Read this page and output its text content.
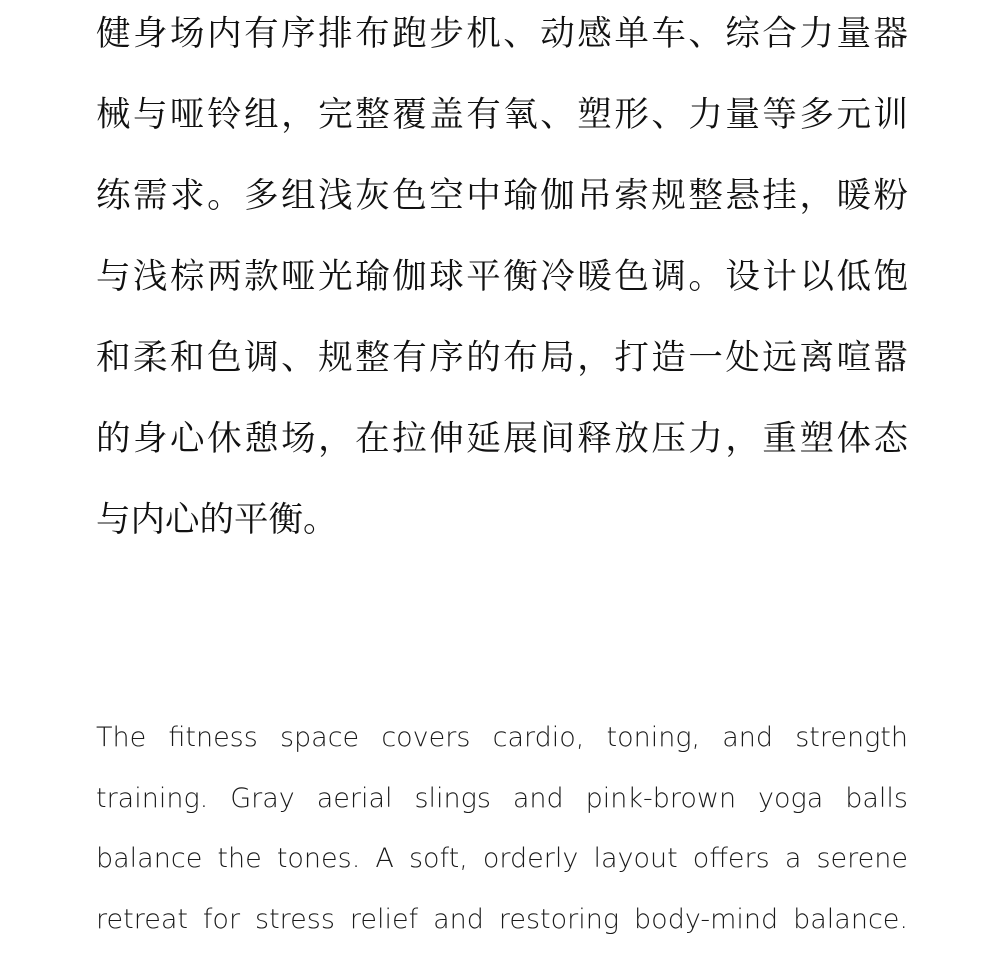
健身场内有序排布跑步机、动感单车、综合力量器
械与哑铃组，完整覆盖有氧、塑形、力量等多元训
练需求。多组浅灰色空中瑜伽吊索规整悬挂，暖粉
与浅棕两款哑光瑜伽球平衡冷暖色调。设计以低饱
和柔和色调、规整有序的布局，打造一处远离喧嚣
的身心休憩场，在拉伸延展间释放压力，重塑体态
与内心的平衡。
The fitness space covers cardio, toning, and strength
training. Gray aerial slings and pink-brown yoga balls
balance the tones. A soft, orderly layout offers a serene
retreat for stress relief and restoring body-mind balance.
